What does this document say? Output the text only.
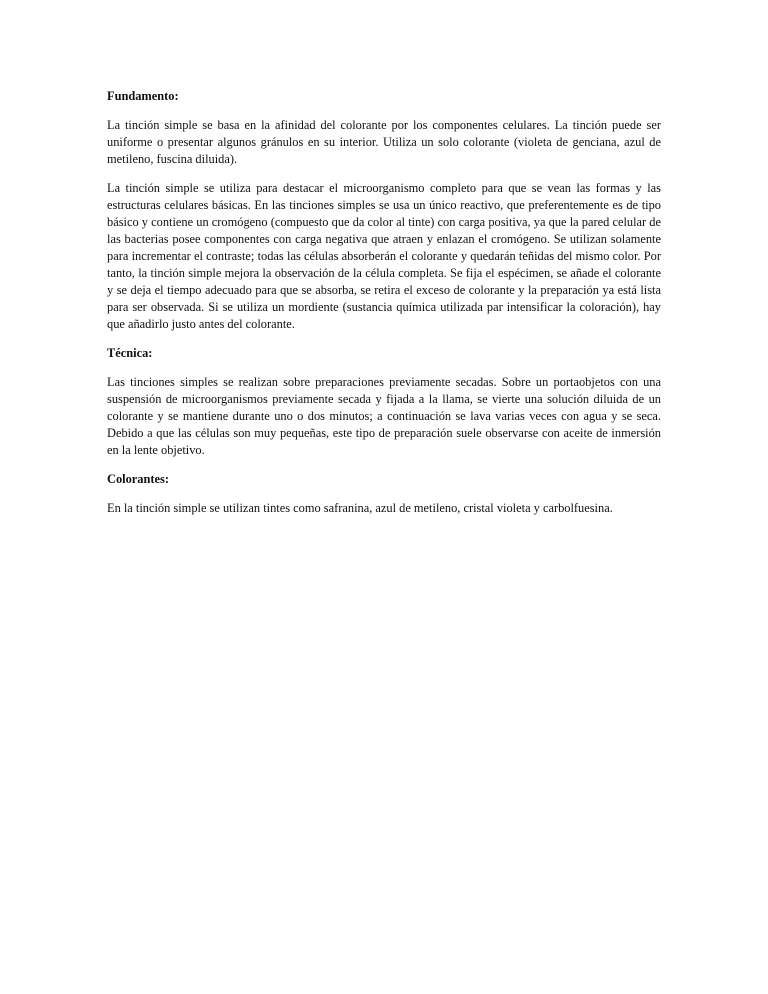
Fundamento:

La tinción simple se basa en la afinidad del colorante por los componentes celulares. La tinción puede ser uniforme o presentar algunos gránulos en su interior. Utiliza un solo colorante (violeta de genciana, azul de metileno, fuscina diluida).

La tinción simple se utiliza para destacar el microorganismo completo para que se vean las formas y las estructuras celulares básicas. En las tinciones simples se usa un único reactivo, que preferentemente es de tipo básico y contiene un cromógeno (compuesto que da color al tinte) con carga positiva, ya que la pared celular de las bacterias posee componentes con carga negativa que atraen y enlazan el cromógeno. Se utilizan solamente para incrementar el contraste; todas las células absorberán el colorante y quedarán teñidas del mismo color. Por tanto, la tinción simple mejora la observación de la célula completa. Se fija el espécimen, se añade el colorante y se deja el tiempo adecuado para que se absorba, se retira el exceso de colorante y la preparación ya está lista para ser observada. Si se utiliza un mordiente (sustancia química utilizada par intensificar la coloración), hay que añadirlo justo antes del colorante.

Técnica:

Las tinciones simples se realizan sobre preparaciones previamente secadas. Sobre un portaobjetos con una suspensión de microorganismos previamente secada y fijada a la llama, se vierte una solución diluida de un colorante y se mantiene durante uno o dos minutos; a continuación se lava varias veces con agua y se seca. Debido a que las células son muy pequeñas, este tipo de preparación suele observarse con aceite de inmersión en la lente objetivo.

Colorantes:

En la tinción simple se utilizan tintes como safranina, azul de metileno, cristal violeta y carbolfuesina.
